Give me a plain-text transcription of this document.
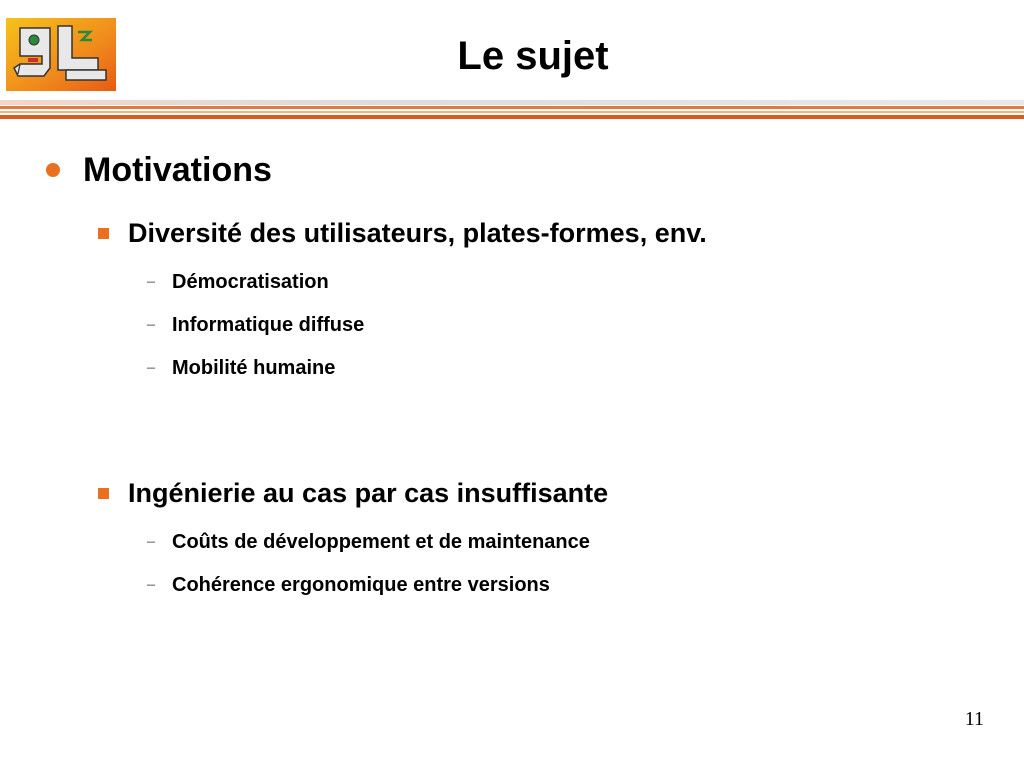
Le sujet
Motivations
Diversité des utilisateurs, plates-formes, env.
– Démocratisation
– Informatique diffuse
– Mobilité humaine
Ingénierie au cas par cas insuffisante
– Coûts de développement et de maintenance
– Cohérence ergonomique entre versions
11
